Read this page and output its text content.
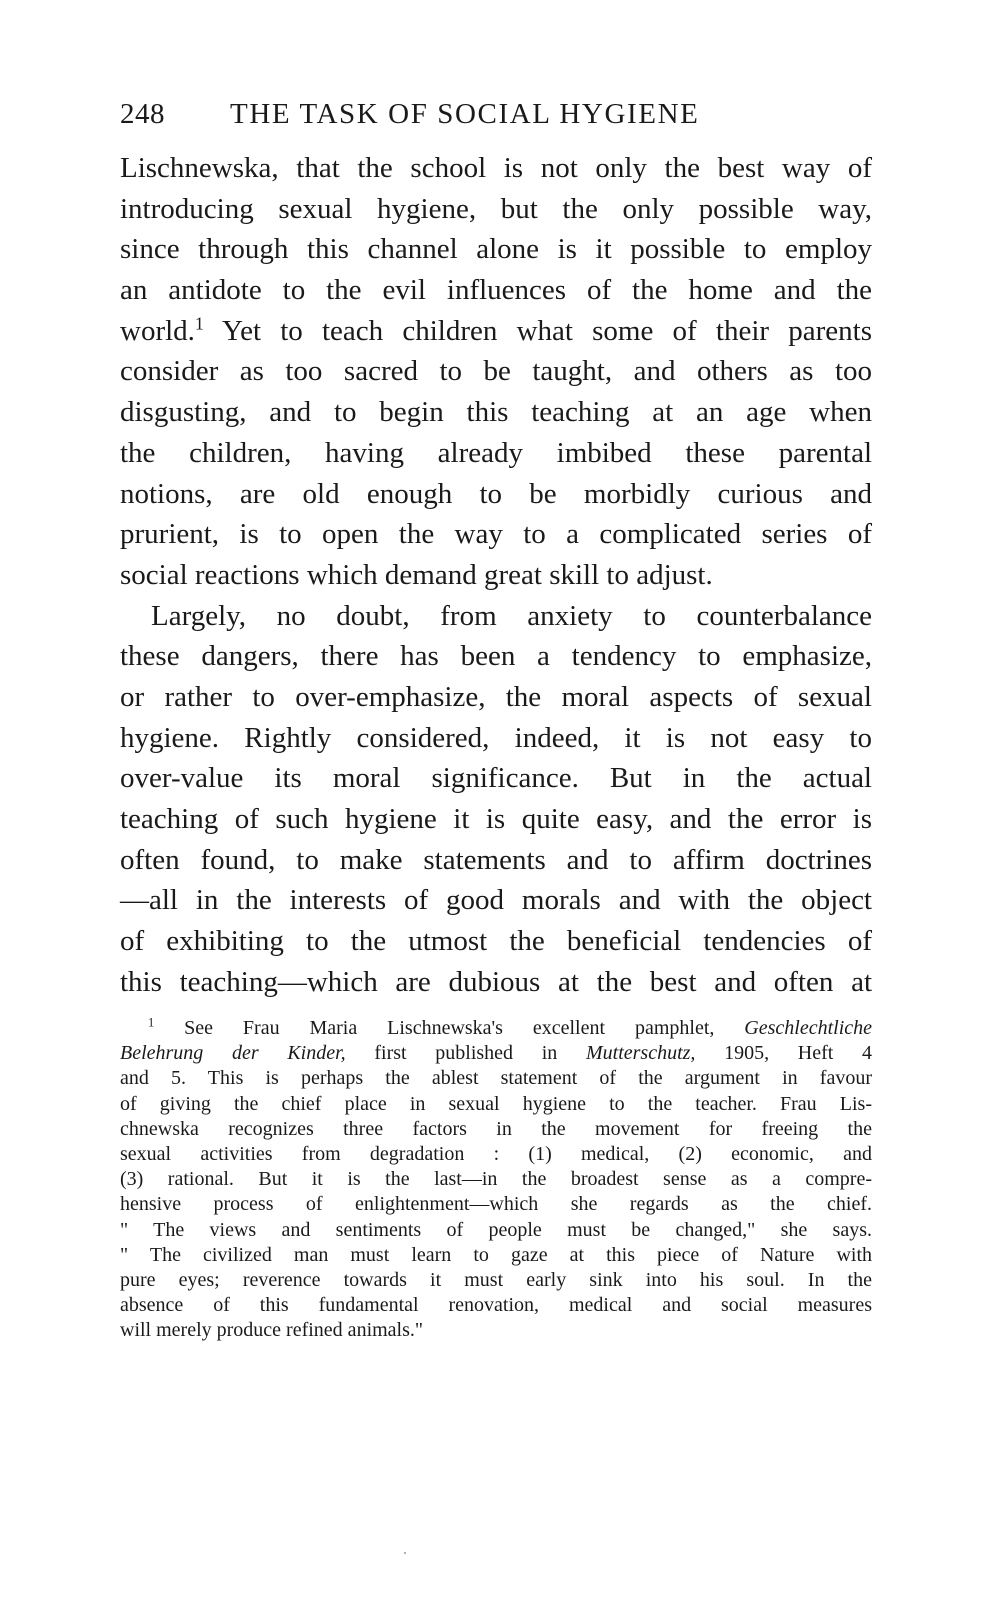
248 THE TASK OF SOCIAL HYGIENE
Lischnewska, that the school is not only the best way of
introducing sexual hygiene, but the only possible way,
since through this channel alone is it possible to employ
an antidote to the evil influences of the home and the
world.$^1$ Yet to teach children what some of their parents
consider as too sacred to be taught, and others as too
disgusting, and to begin this teaching at an age when
the children, having already imbibed these parental
notions, are old enough to be morbidly curious and
prurient, is to open the way to a complicated series of
social reactions which demand great skill to adjust.
Largely, no doubt, from anxiety to counterbalance
these dangers, there has been a tendency to emphasize,
or rather to over-emphasize, the moral aspects of sexual
hygiene. Rightly considered, indeed, it is not easy to
over-value its moral significance. But in the actual
teaching of such hygiene it is quite easy, and the error is
often found, to make statements and to affirm doctrines
—all in the interests of good morals and with the object
of exhibiting to the utmost the beneficial tendencies of
this teaching—which are dubious at the best and often at
$^1$ See Frau Maria Lischnewska's excellent pamphlet, Geschlechtliche
Belehrung der Kinder, first published in Mutterschutz, 1905, Heft 4
and 5. This is perhaps the ablest statement of the argument in favour
of giving the chief place in sexual hygiene to the teacher. Frau Lis-
chnewska recognizes three factors in the movement for freeing the
sexual activities from degradation : (1) medical, (2) economic, and
(3) rational. But it is the last—in the broadest sense as a compre-
hensive process of enlightenment—which she regards as the chief.
" The views and sentiments of people must be changed," she says.
" The civilized man must learn to gaze at this piece of Nature with
pure eyes; reverence towards it must early sink into his soul. In the
absence of this fundamental renovation, medical and social measures
will merely produce refined animals."
